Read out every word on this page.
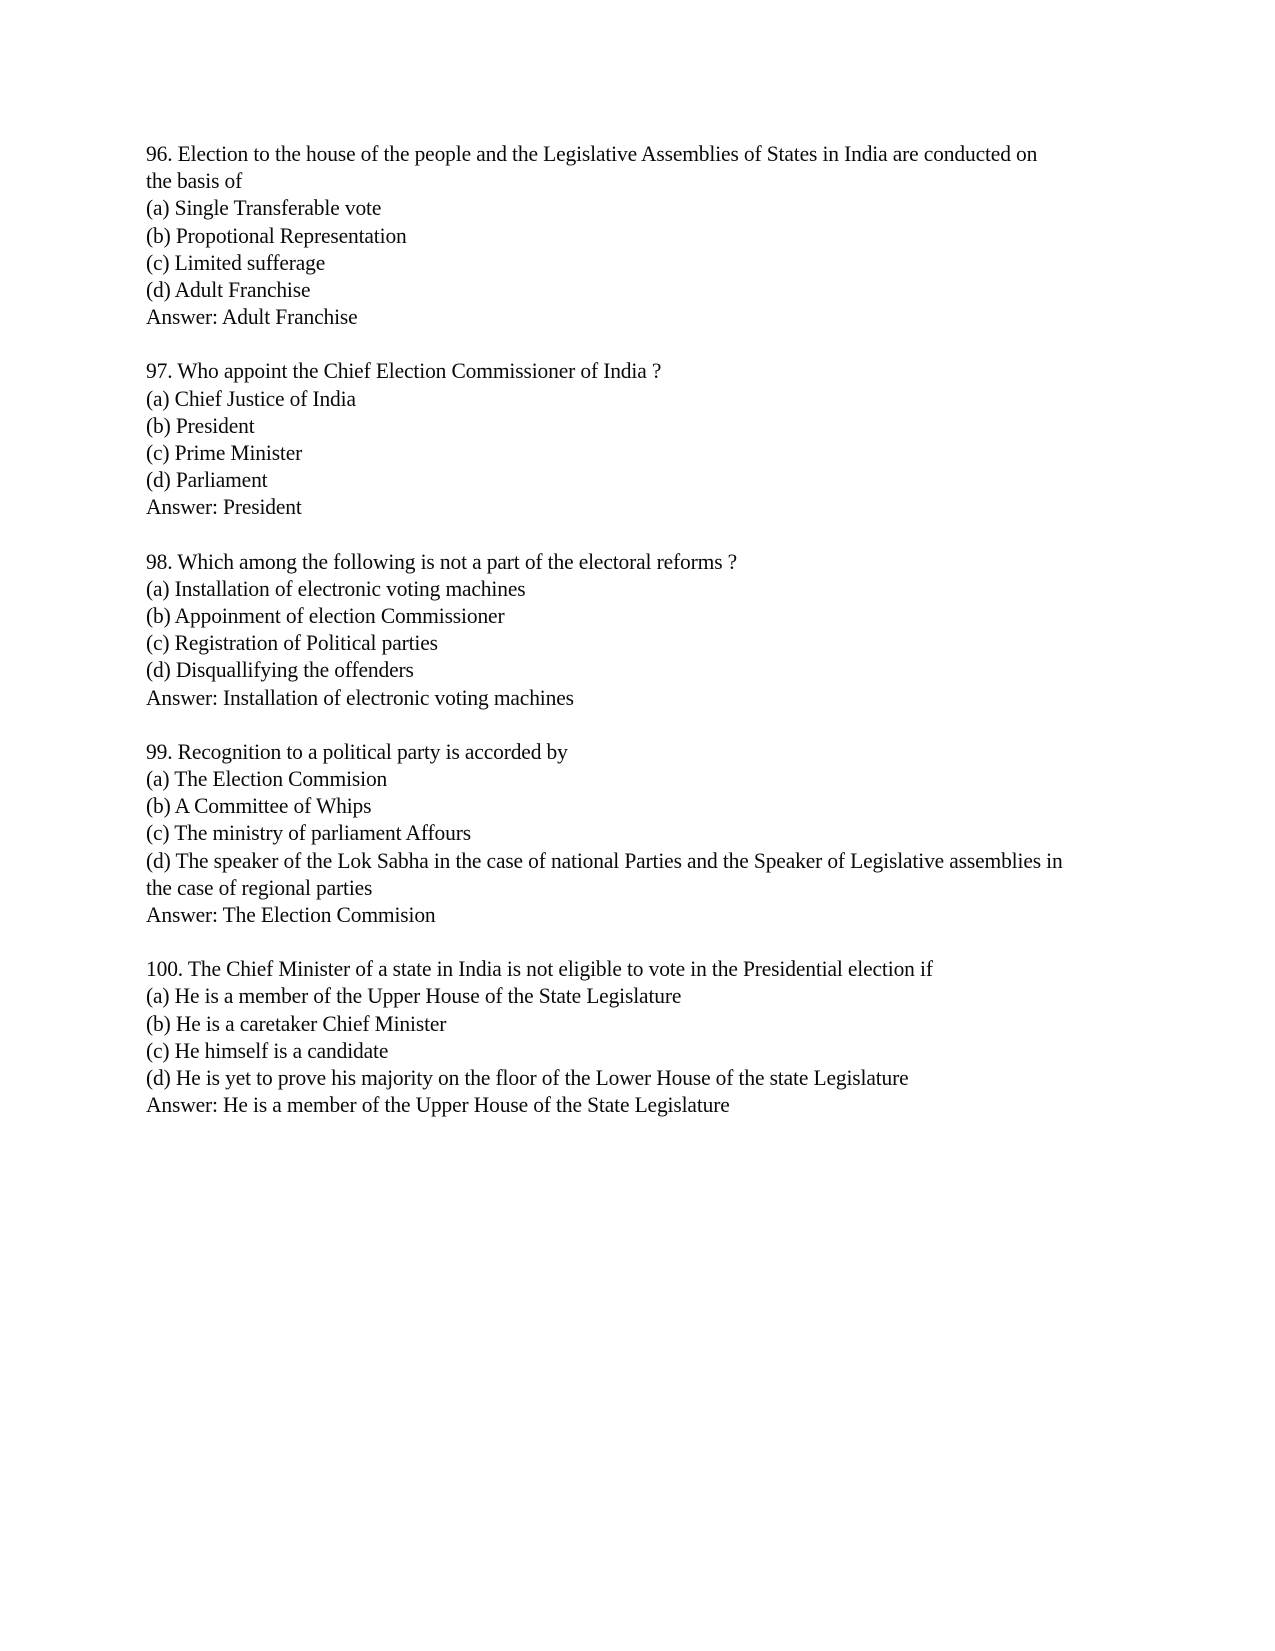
96. Election to the house of the people and the Legislative Assemblies of States in India are conducted on the basis of

(a) Single Transferable vote

(b) Propotional Representation

(c) Limited sufferage

(d) Adult Franchise

Answer: Adult Franchise

97. Who appoint the Chief Election Commissioner of India ?

(a) Chief Justice of India

(b) President

(c) Prime Minister

(d) Parliament

Answer: President

98. Which among the following is not a part of the electoral reforms ?

(a) Installation of electronic voting machines

(b) Appoinment of election Commissioner

(c) Registration of Political parties

(d) Disquallifying the offenders

Answer: Installation of electronic voting machines

99. Recognition to a political party is accorded by

(a) The Election Commision

(b) A Committee of Whips

(c) The ministry of parliament Affours

(d) The speaker of the Lok Sabha in the case of national Parties and the Speaker of Legislative assemblies in the case of regional parties

Answer: The Election Commision

100. The Chief Minister of a state in India is not eligible to vote in the Presidential election if

(a) He is a member of the Upper House of the State Legislature

(b) He is a caretaker Chief Minister

(c) He himself is a candidate

(d) He is yet to prove his majority on the floor of the Lower House of the state Legislature

Answer: He is a member of the Upper House of the State Legislature
